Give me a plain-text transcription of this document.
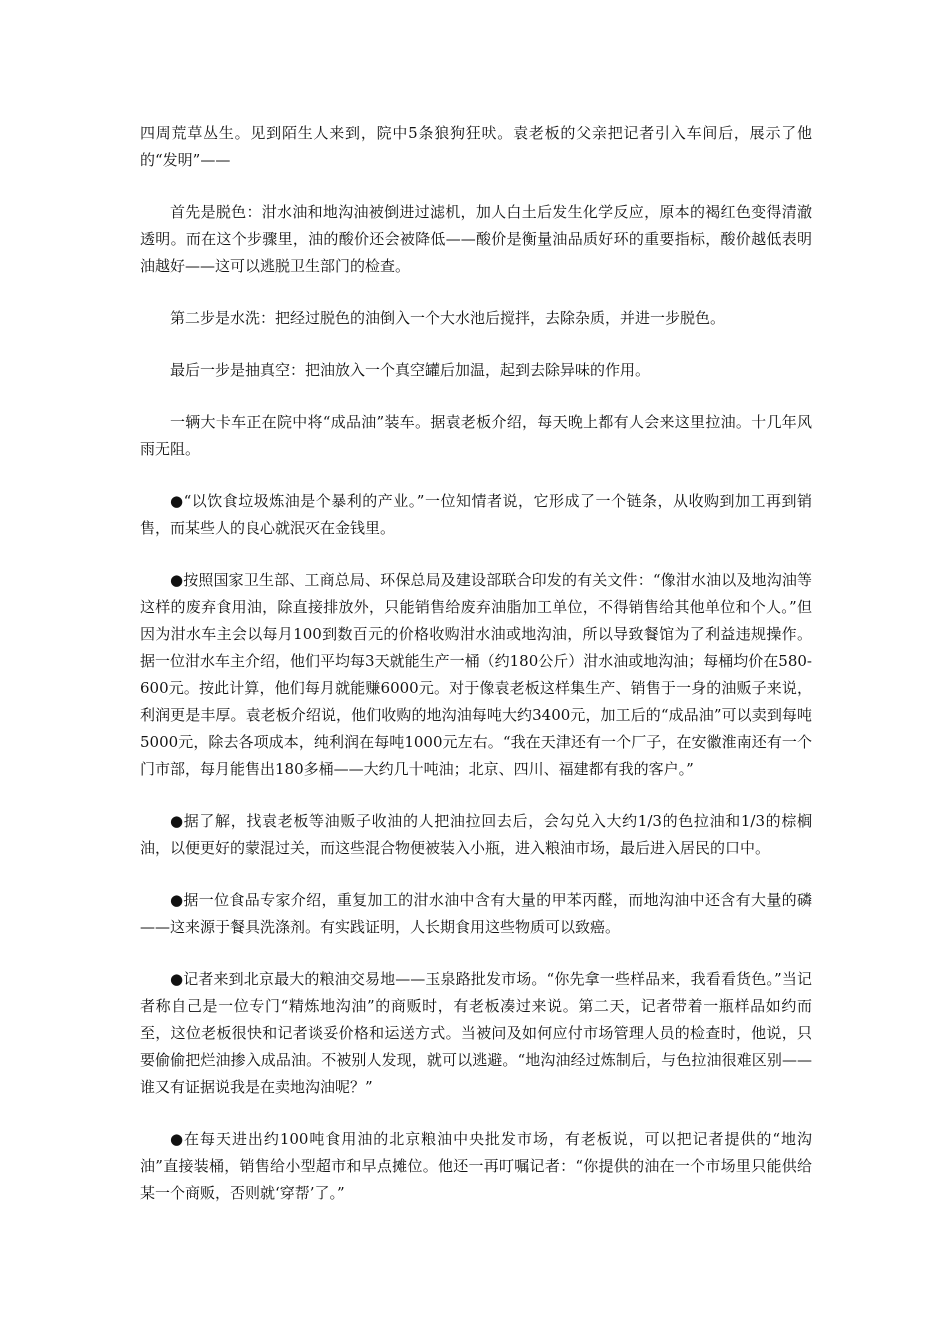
四周荒草丛生。见到陌生人来到，院中5条狼狗狂吠。袁老板的父亲把记者引入车间后，展示了他的“发明”——

首先是脱色：泔水油和地沟油被倒进过滤机，加人白土后发生化学反应，原本的褐红色变得清澈透明。而在这个步骤里，油的酸价还会被降低——酸价是衡量油品质好环的重要指标，酸价越低表明油越好——这可以逃脱卫生部门的检查。

第二步是水洗：把经过脱色的油倒入一个大水池后搅拌，去除杂质，并进一步脱色。

最后一步是抽真空：把油放入一个真空罐后加温，起到去除异味的作用。

一辆大卡车正在院中将“成品油”装车。据袁老板介绍，每天晚上都有人会来这里拉油。十几年风雨无阻。

●“以饮食垃圾炼油是个暴利的产业。”一位知情者说，它形成了一个链条，从收购到加工再到销售，而某些人的良心就泯灭在金钱里。

●按照国家卫生部、工商总局、环保总局及建设部联合印发的有关文件：“像泔水油以及地沟油等这样的废弃食用油，除直接排放外，只能销售给废弃油脂加工单位，不得销售给其他单位和个人。”但因为泔水车主会以每月100到数百元的价格收购泔水油或地沟油，所以导致餐馆为了利益违规操作。据一位泔水车主介绍，他们平均每3天就能生产一桶（约180公斤）泔水油或地沟油；每桶均价在580-600元。按此计算，他们每月就能赚6000元。对于像袁老板这样集生产、销售于一身的油贩子来说，利润更是丰厚。袁老板介绍说，他们收购的地沟油每吨大约3400元，加工后的“成品油”可以卖到每吨5000元，除去各项成本，纯利润在每吨1000元左右。“我在天津还有一个厂子，在安徽淮南还有一个门市部，每月能售出180多桶——大约几十吨油；北京、四川、福建都有我的客户。”

●据了解，找袁老板等油贩子收油的人把油拉回去后，会勾兑入大约1/3的色拉油和1/3的棕榈油，以便更好的蒙混过关，而这些混合物便被装入小瓶，进入粮油市场，最后进入居民的口中。

●据一位食品专家介绍，重复加工的泔水油中含有大量的甲苯丙醛，而地沟油中还含有大量的磷——这来源于餐具洗涤剂。有实践证明，人长期食用这些物质可以致癌。

●记者来到北京最大的粮油交易地——玉泉路批发市场。“你先拿一些样品来，我看看货色。”当记者称自己是一位专门“精炼地沟油”的商贩时，有老板凑过来说。第二天，记者带着一瓶样品如约而至，这位老板很快和记者谈妥价格和运送方式。当被问及如何应付市场管理人员的检查时，他说，只要偷偷把烂油掺入成品油。不被别人发现，就可以逃避。“地沟油经过炼制后，与色拉油很难区别——谁又有证据说我是在卖地沟油呢？”

●在每天进出约100吨食用油的北京粮油中央批发市场，有老板说，可以把记者提供的“地沟油”直接装桶，销售给小型超市和早点摊位。他还一再叮嘱记者：“你提供的油在一个市场里只能供给某一个商贩，否则就‘穿帮’了。”
